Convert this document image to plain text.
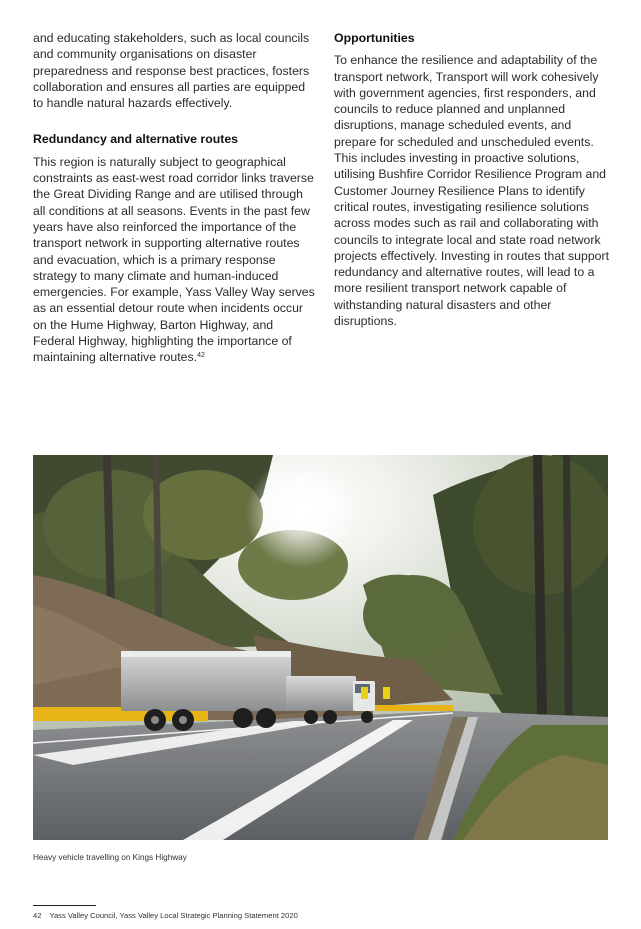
and educating stakeholders, such as local councils and community organisations on disaster preparedness and response best practices, fosters collaboration and ensures all parties are equipped to handle natural hazards effectively.

Redundancy and alternative routes

This region is naturally subject to geographical constraints as east-west road corridor links traverse the Great Dividing Range and are utilised through all conditions at all seasons. Events in the past few years have also reinforced the importance of the transport network in supporting alternative routes and evacuation, which is a primary response strategy to many climate and human-induced emergencies. For example, Yass Valley Way serves as an essential detour route when incidents occur on the Hume Highway, Barton Highway, and Federal Highway, highlighting the importance of maintaining alternative routes.$^{42}$

Opportunities

To enhance the resilience and adaptability of the transport network, Transport will work cohesively with government agencies, first responders, and councils to reduce planned and unplanned disruptions, manage scheduled events, and prepare for scheduled and unscheduled events. This includes investing in proactive solutions, utilising Bushfire Corridor Resilience Program and Customer Journey Resilience Plans to identify critical routes, investigating resilience solutions across modes such as rail and collaborating with councils to integrate local and state road network projects effectively. Investing in routes that support redundancy and alternative routes, will lead to a more resilient transport network capable of withstanding natural disasters and other disruptions.

Heavy vehicle travelling on Kings Highway
42 Yass Valley Council, Yass Valley Local Strategic Planning Statement 2020
